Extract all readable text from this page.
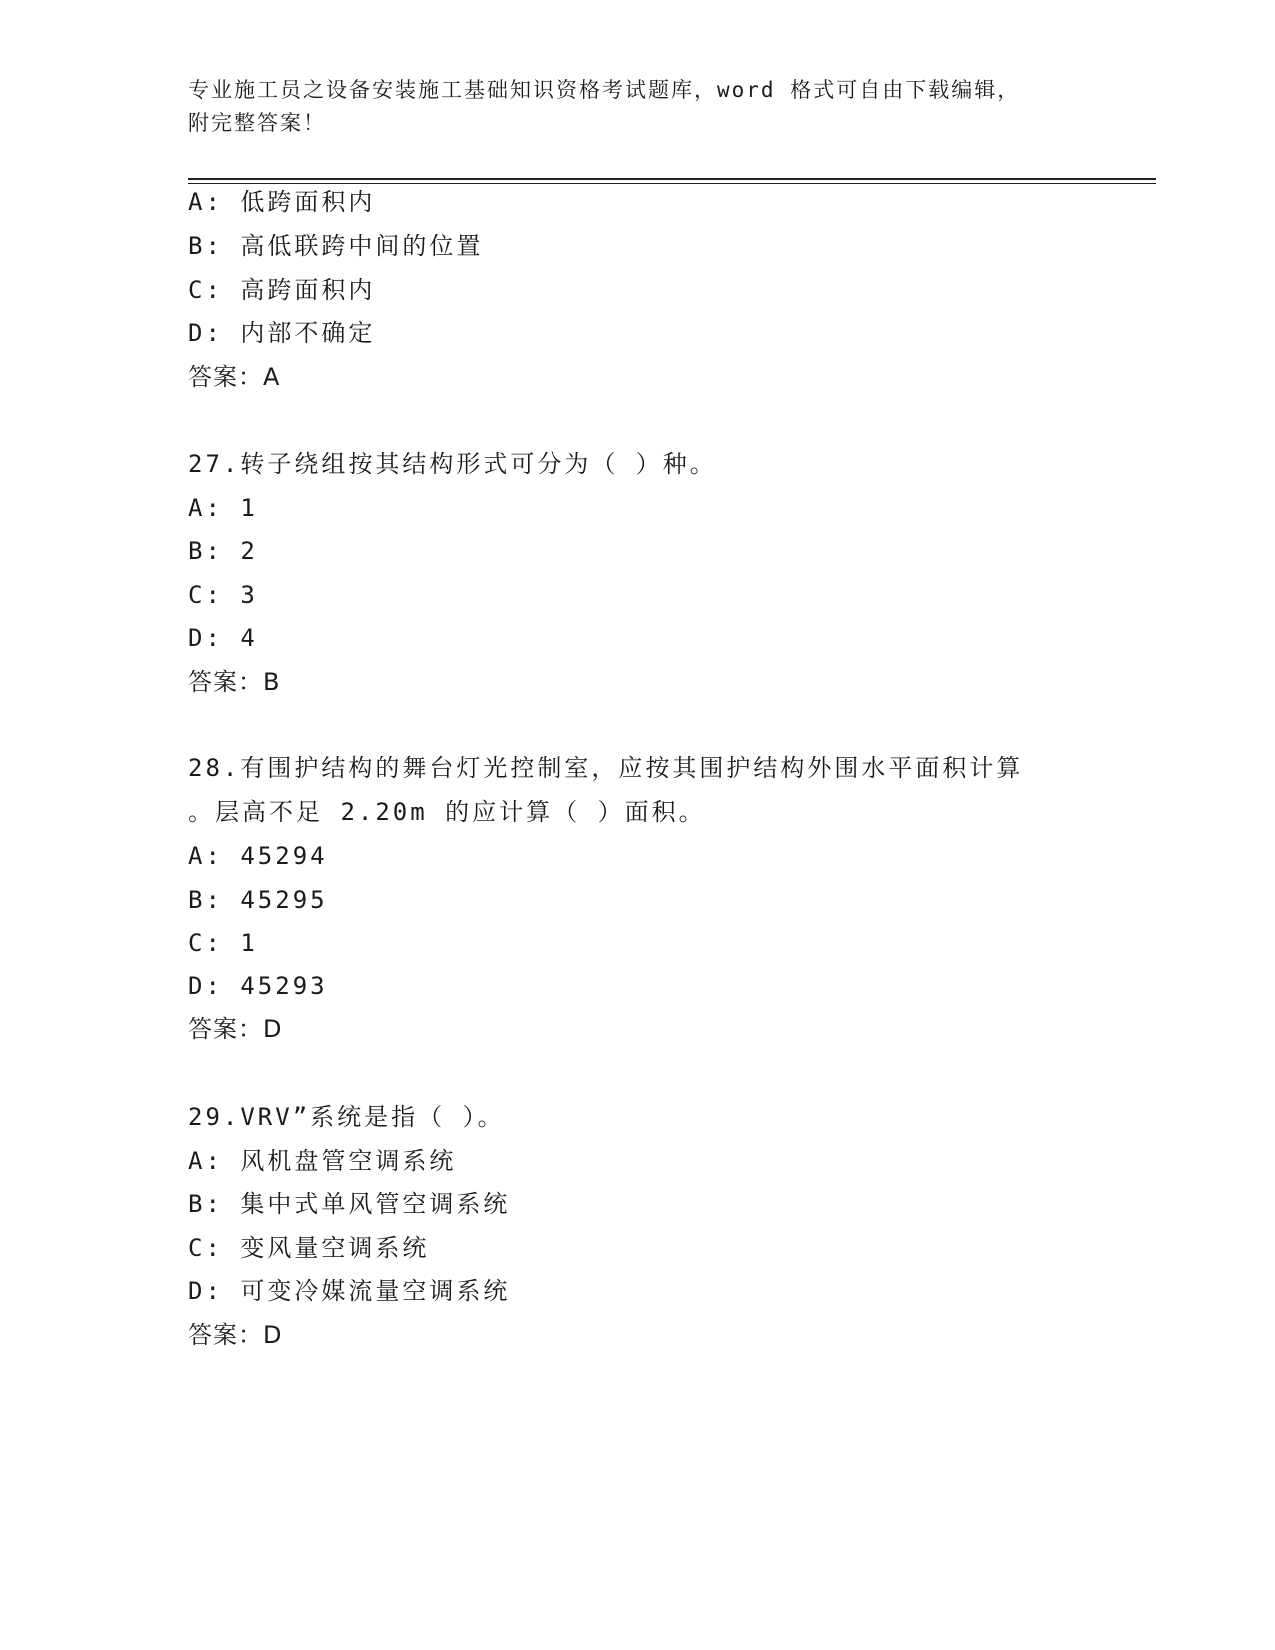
专业施工员之设备安装施工基础知识资格考试题库，word 格式可自由下载编辑，
附完整答案！
A: 低跨面积内
B: 高低联跨中间的位置
C: 高跨面积内
D: 内部不确定
答案：A
27.转子绕组按其结构形式可分为（ ）种。
A: 1
B: 2
C: 3
D: 4
答案：B
28.有围护结构的舞台灯光控制室，应按其围护结构外围水平面积计算
。层高不足 2.20m 的应计算（ ）面积。
A: 45294
B: 45295
C: 1
D: 45293
答案：D
29.VRV”系统是指（ ）。
A: 风机盘管空调系统
B: 集中式单风管空调系统
C: 变风量空调系统
D: 可变冷媒流量空调系统
答案：D
